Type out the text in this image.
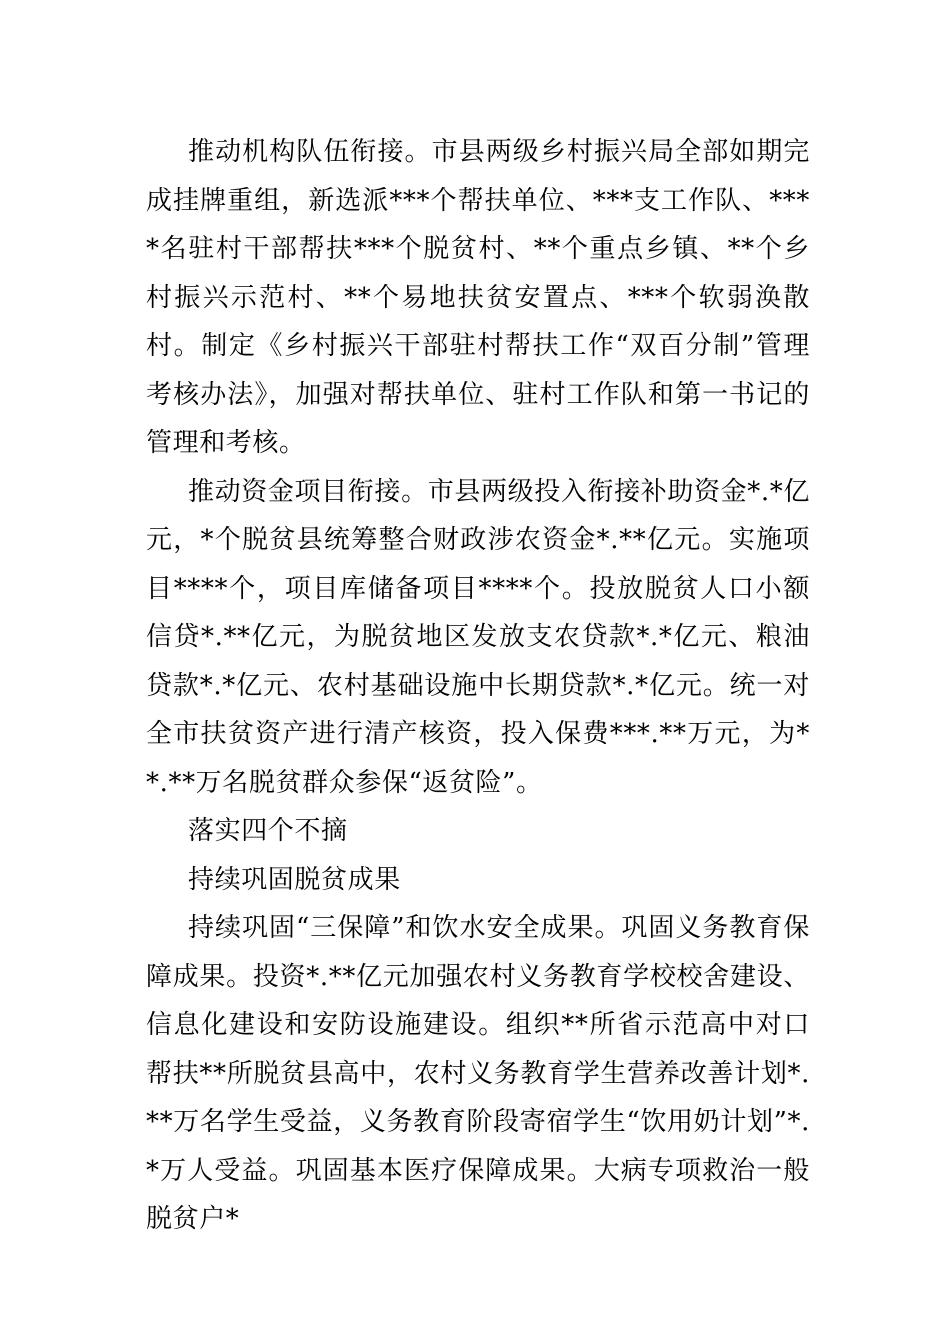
推动机构队伍衔接。市县两级乡村振兴局全部如期完成挂牌重组，新选派***个帮扶单位、***支工作队、****名驻村干部帮扶***个脱贫村、**个重点乡镇、**个乡村振兴示范村、**个易地扶贫安置点、***个软弱涣散村。制定《乡村振兴干部驻村帮扶工作“双百分制”管理考核办法》，加强对帮扶单位、驻村工作队和第一书记的管理和考核。

推动资金项目衔接。市县两级投入衔接补助资金*.*亿元，*个脱贫县统筹整合财政涉农资金*.**亿元。实施项目****个，项目库储备项目****个。投放脱贫人口小额信贷*.**亿元，为脱贫地区发放支农贷款*.*亿元、粮油贷款*.*亿元、农村基础设施中长期贷款*.*亿元。统一对全市扶贫资产进行清产核资，投入保费***.**万元，为**.**万名脱贫群众参保“返贫险”。

落实四个不摘

持续巩固脱贫成果

持续巩固“三保障”和饮水安全成果。巩固义务教育保障成果。投资*.**亿元加强农村义务教育学校校舍建设、信息化建设和安防设施建设。组织**所省示范高中对口帮扶**所脱贫县高中，农村义务教育学生营养改善计划*.**万名学生受益，义务教育阶段寄宿学生“饮用奶计划”*.*万人受益。巩固基本医疗保障成果。大病专项救治一般脱贫户*
